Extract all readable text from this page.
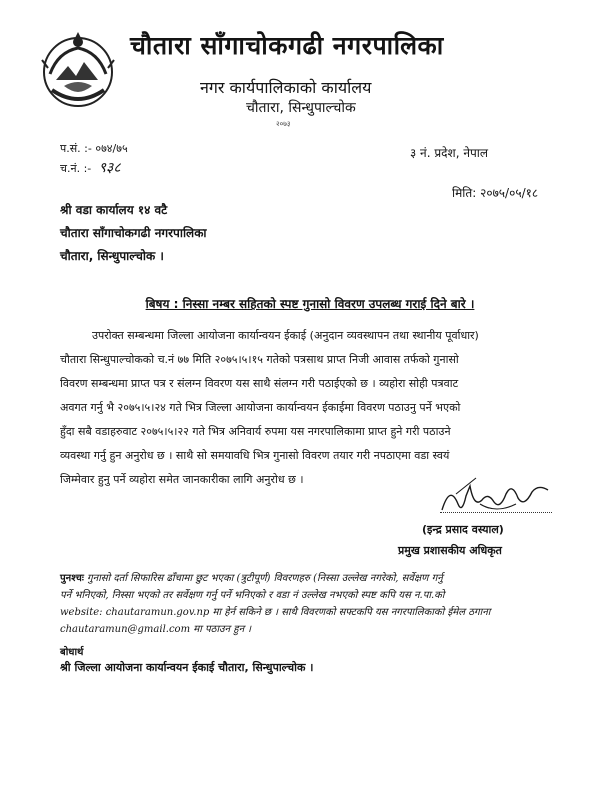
चौतारा साँगाचोकगढी नगरपालिका
नगर कार्यपालिकाको कार्यालय
चौतारा, सिन्धुपाल्चोक
२०७३
३ नं. प्रदेश, नेपाल
प.सं. :- ०७४/७५
च.नं. :- ९३८
मिति: २०७५/०५/१८
श्री वडा कार्यालय १४ वटै
चौतारा साँगाचोकगढी नगरपालिका
चौतारा, सिन्धुपाल्चोक ।
बिषय : निस्सा नम्बर सहितको स्पष्ट गुनासो विवरण उपलब्ध गराई दिने बारे ।
उपरोक्त सम्बन्धमा जिल्ला आयोजना कार्यान्वयन ईकाई (अनुदान व्यवस्थापन तथा स्थानीय पूर्वाधार)
चौतारा सिन्धुपाल्चोकको च.नं ७७ मिति २०७५।५।१५ गतेको पत्रसाथ प्राप्त निजी आवास तर्फको गुनासो
विवरण सम्बन्धमा प्राप्त पत्र र संलग्न विवरण यस साथै संलग्न गरी पठाईएको छ । व्यहोरा सोही पत्रवाट
अवगत गर्नु भै २०७५।५।२४ गते भित्र जिल्ला आयोजना कार्यान्वयन ईकाईमा विवरण पठाउनु पर्ने भएको
हुँदा सबै वडाहरुवाट २०७५।५।२२ गते भित्र अनिवार्य रुपमा यस नगरपालिकामा प्राप्त हुने गरी पठाउने
व्यवस्था गर्नु हुन अनुरोध छ । साथै सो समयावधि भित्र गुनासो विवरण तयार गरी नपठाएमा वडा स्वयं
जिम्मेवार हुनु पर्ने व्यहोरा समेत जानकारीका लागि अनुरोध छ ।
(इन्द्र प्रसाद वस्याल)
प्रमुख प्रशासकीय अधिकृत
पुनश्चः गुनासो दर्ता सिफारिस ढाँचामा छुट भएका (त्रुटीपूर्ण) विवरणहरु (निस्सा उल्लेख नगरेको, सर्वेक्षण गर्नु
पर्ने भनिएको, निस्सा भएको तर सर्वेक्षण गर्नु पर्ने भनिएको र वडा नं उल्लेख नभएको स्पष्ट कपि यस न.पा.को
website: chautaramun.gov.np मा हेर्न सकिने छ । साथै विवरणको सफ्टकपि यस नगरपालिकाको ईमेल ठगाना
chautaramun@gmail.com मा पठाउन हुन ।
बोधार्थ
श्री जिल्ला आयोजना कार्यान्वयन ईकाई चौतारा, सिन्धुपाल्चोक ।
